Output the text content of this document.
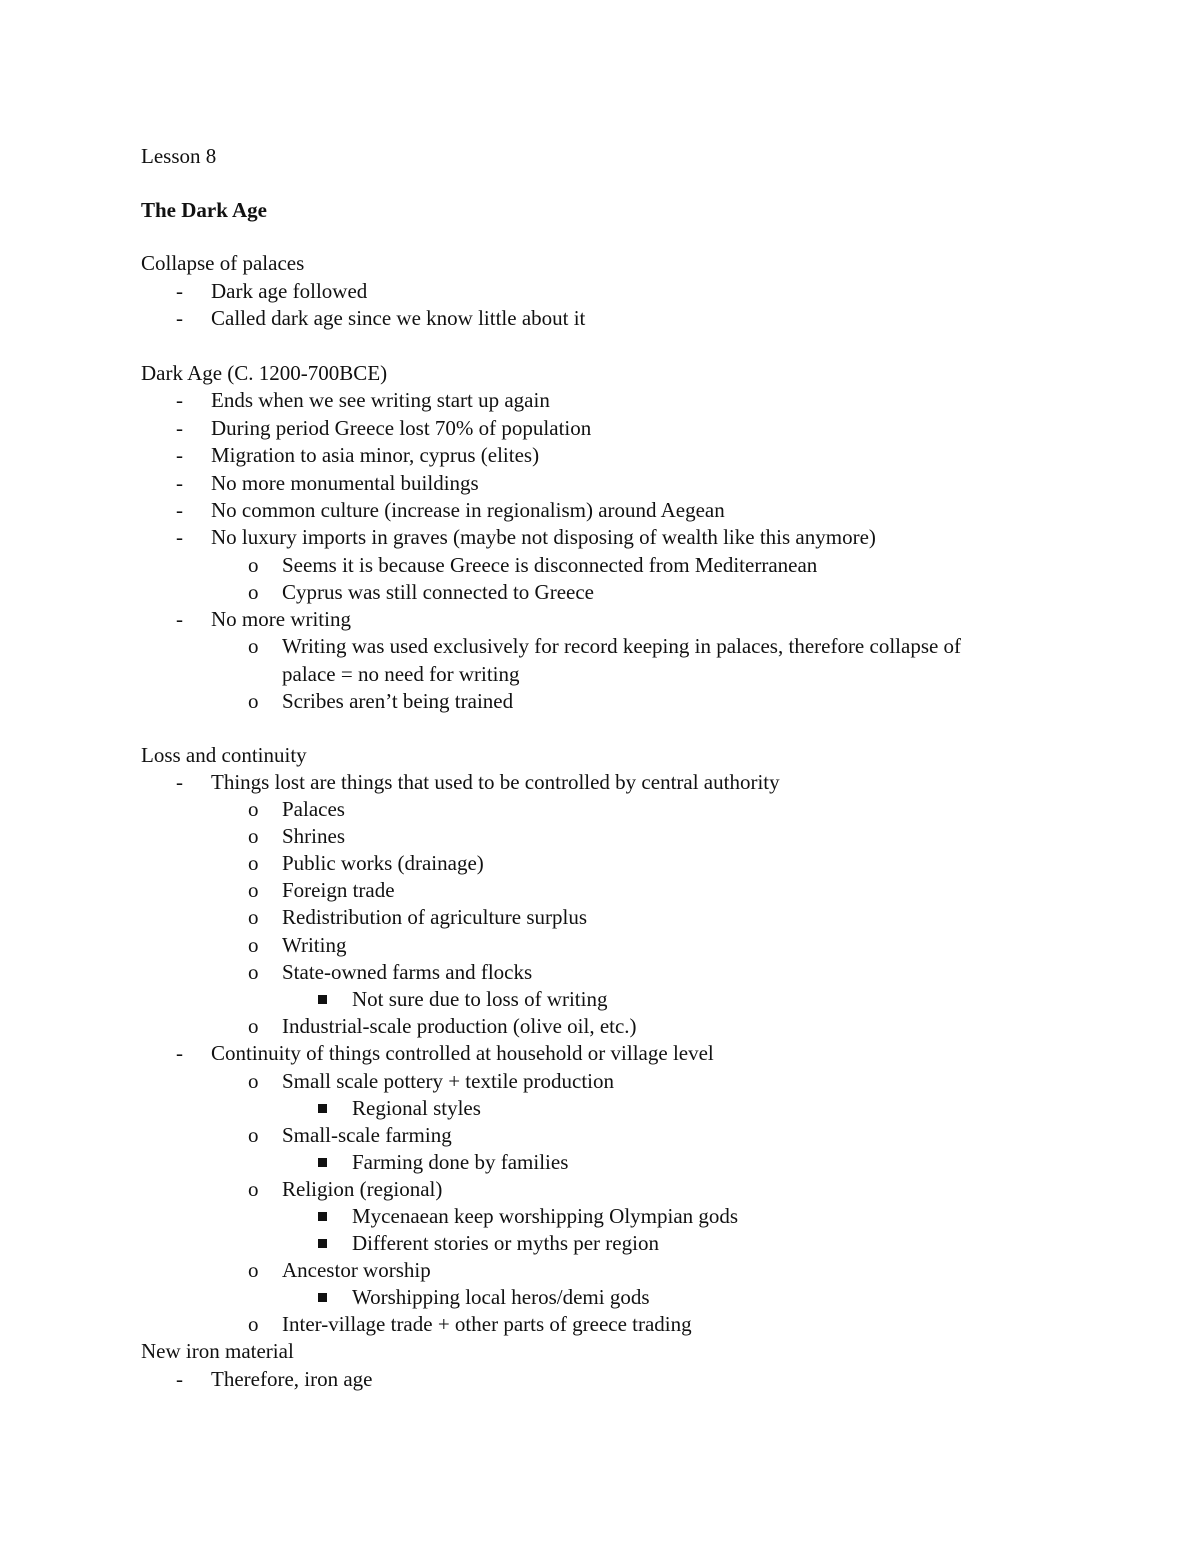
Lesson 8
The Dark Age
Collapse of palaces
- Dark age followed
- Called dark age since we know little about it
Dark Age (C. 1200-700BCE)
- Ends when we see writing start up again
- During period Greece lost 70% of population
- Migration to asia minor, cyprus (elites)
- No more monumental buildings
- No common culture (increase in regionalism) around Aegean
- No luxury imports in graves (maybe not disposing of wealth like this anymore)
o Seems it is because Greece is disconnected from Mediterranean
o Cyprus was still connected to Greece
- No more writing
o Writing was used exclusively for record keeping in palaces, therefore collapse of
palace = no need for writing
o Scribes aren’t being trained
Loss and continuity
- Things lost are things that used to be controlled by central authority
o Palaces
o Shrines
o Public works (drainage)
o Foreign trade
o Redistribution of agriculture surplus
o Writing
o State-owned farms and flocks
Not sure due to loss of writing
o Industrial-scale production (olive oil, etc.)
- Continuity of things controlled at household or village level
o Small scale pottery + textile production
Regional styles
o Small-scale farming
Farming done by families
o Religion (regional)
Mycenaean keep worshipping Olympian gods
Different stories or myths per region
o Ancestor worship
Worshipping local heros/demi gods
o Inter-village trade + other parts of greece trading
New iron material
- Therefore, iron age
